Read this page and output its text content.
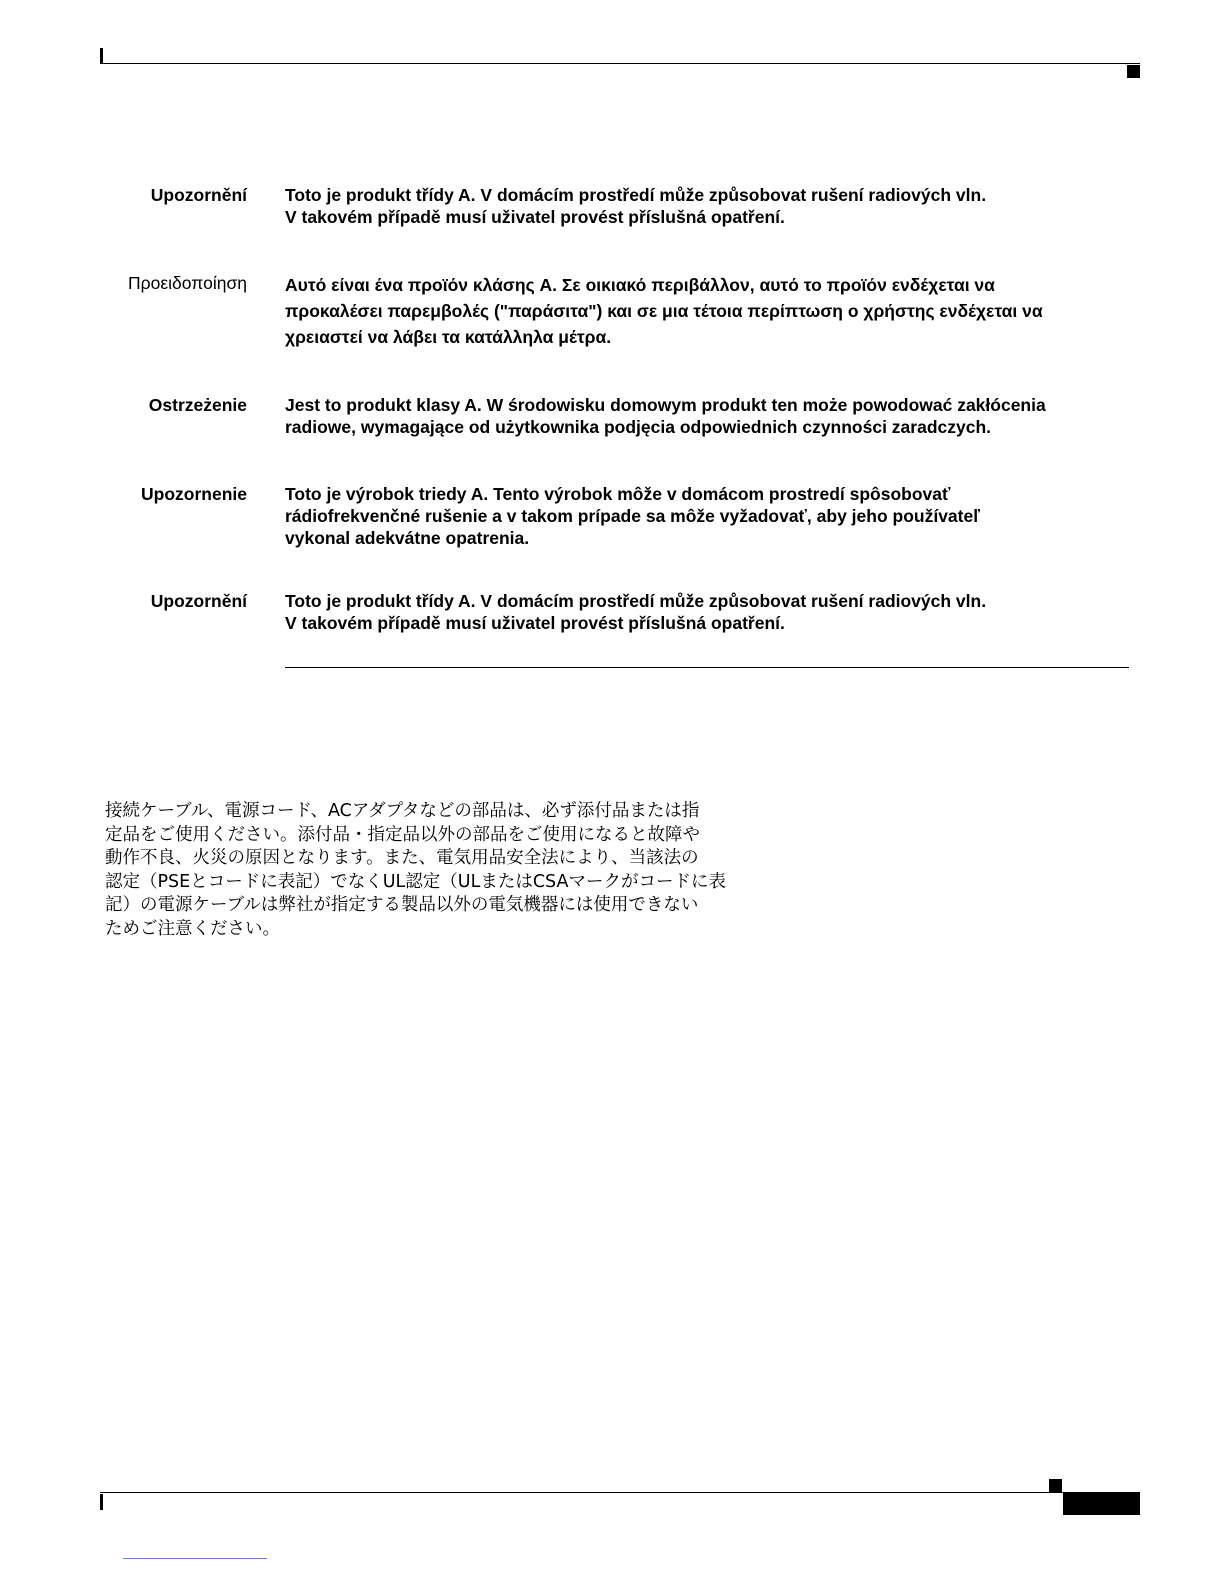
Upozornění Toto je produkt třídy A. V domácím prostředí může způsobovat rušení radiových vln.
V takovém případě musí uživatel provést příslušná opatření.
Προειδοποίηση Αυτό είναι ένα προϊόν κλάσης A. Σε οικιακό περιβάλλον, αυτό το προϊόν ενδέχεται να
προκαλέσει παρεμβολές ("παράσιτα") και σε μια τέτοια περίπτωση ο χρήστης ενδέχεται να
χρειαστεί να λάβει τα κατάλληλα μέτρα.
Ostrzeżenie Jest to produkt klasy A. W środowisku domowym produkt ten może powodować zakłócenia
radiowe, wymagające od użytkownika podjęcia odpowiednich czynności zaradczych.
Upozornenie Toto je výrobok triedy A. Tento výrobok môže v domácom prostredí spôsobovať
rádiofrekvenčné rušenie a v takom prípade sa môže vyžadovať, aby jeho používateľ
vykonal adekvátne opatrenia.
Upozornění Toto je produkt třídy A. V domácím prostředí může způsobovat rušení radiových vln.
V takovém případě musí uživatel provést příslušná opatření.
接続ケーブル、電源コード、ACアダプタなどの部品は、必ず添付品または指
定品をご使用ください。添付品・指定品以外の部品をご使用になると故障や
動作不良、火災の原因となります。また、電気用品安全法により、当該法の
認定（PSEとコードに表記）でなくUL認定（ULまたはCSAマークがコードに表
記）の電源ケーブルは弊社が指定する製品以外の電気機器には使用できない
ためご注意ください。
